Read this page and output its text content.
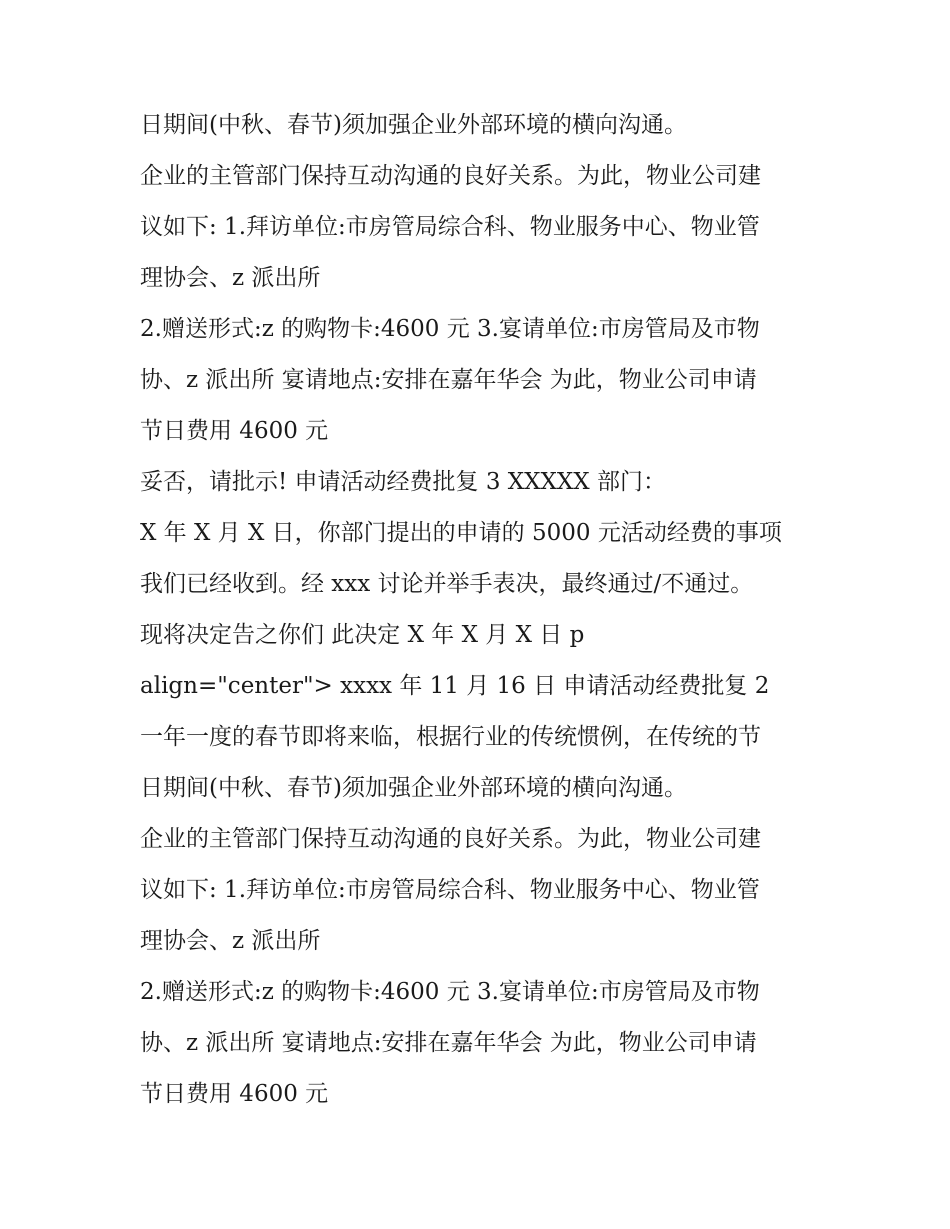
日期间(中秋、春节)须加强企业外部环境的横向沟通。
企业的主管部门保持互动沟通的良好关系。为此，物业公司建
议如下: 1.拜访单位:市房管局综合科、物业服务中心、物业管
理协会、z 派出所
2.赠送形式:z 的购物卡:4600 元 3.宴请单位:市房管局及市物
协、z 派出所 宴请地点:安排在嘉年华会 为此，物业公司申请
节日费用 4600 元
妥否，请批示! 申请活动经费批复 3 XXXXX 部门：
X 年 X 月 X 日，你部门提出的申请的 5000 元活动经费的事项
我们已经收到。经 xxx 讨论并举手表决，最终通过/不通过。
现将决定告之你们 此决定 X 年 X 月 X 日 p
align="center"> xxxx 年 11 月 16 日 申请活动经费批复 2
一年一度的春节即将来临，根据行业的传统惯例，在传统的节
日期间(中秋、春节)须加强企业外部环境的横向沟通。
企业的主管部门保持互动沟通的良好关系。为此，物业公司建
议如下: 1.拜访单位:市房管局综合科、物业服务中心、物业管
理协会、z 派出所
2.赠送形式:z 的购物卡:4600 元 3.宴请单位:市房管局及市物
协、z 派出所 宴请地点:安排在嘉年华会 为此，物业公司申请
节日费用 4600 元
